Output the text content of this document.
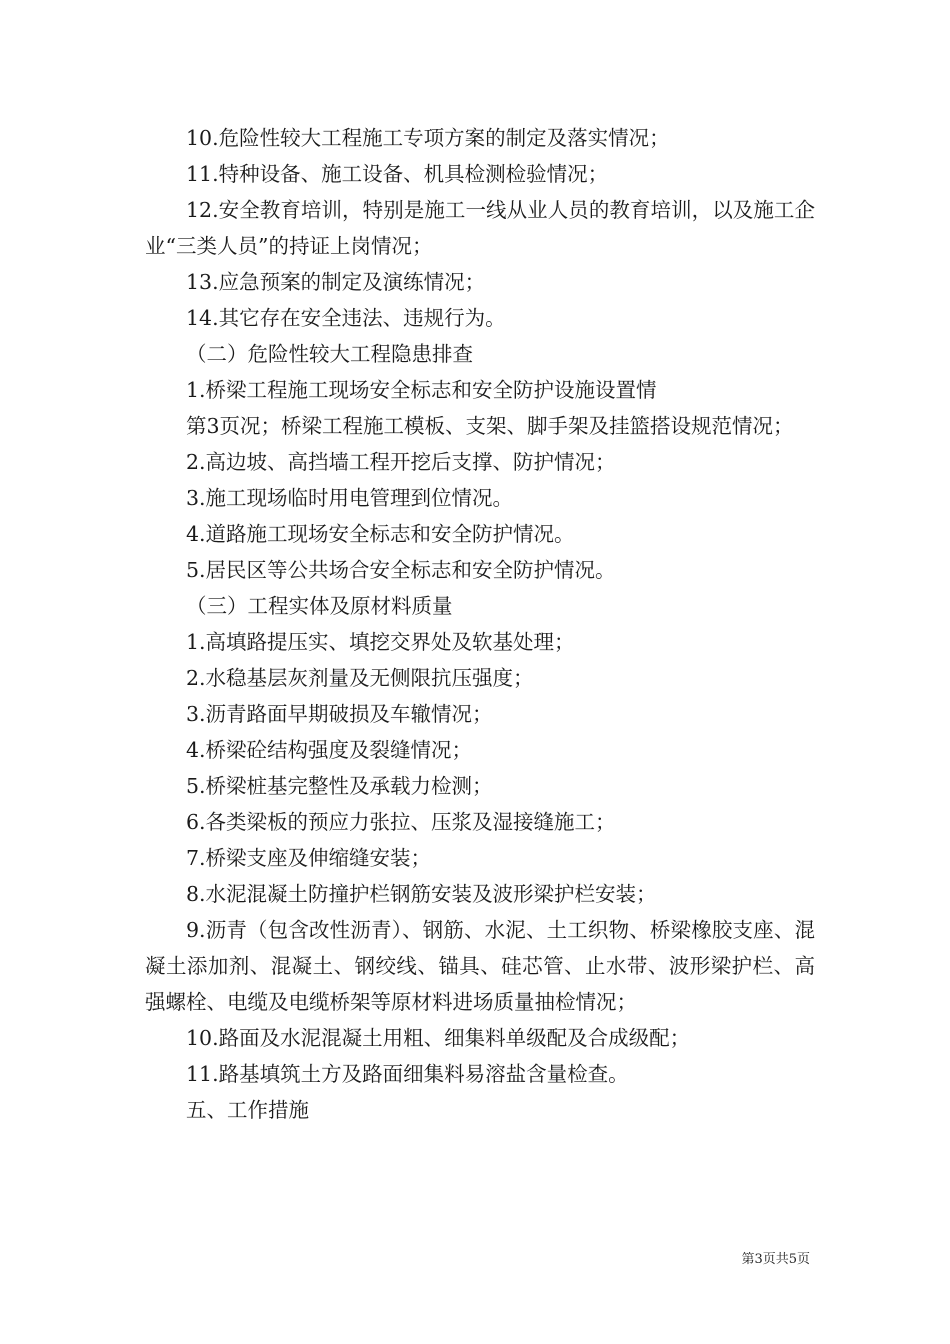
10.危险性较大工程施工专项方案的制定及落实情况；

11.特种设备、施工设备、机具检测检验情况；

12.安全教育培训，特别是施工一线从业人员的教育培训，以及施工企业“三类人员”的持证上岗情况；

13.应急预案的制定及演练情况；

14.其它存在安全违法、违规行为。

（二）危险性较大工程隐患排查

1.桥梁工程施工现场安全标志和安全防护设施设置情

第3页况；桥梁工程施工模板、支架、脚手架及挂篮搭设规范情况；

2.高边坡、高挡墙工程开挖后支撑、防护情况；

3.施工现场临时用电管理到位情况。

4.道路施工现场安全标志和安全防护情况。

5.居民区等公共场合安全标志和安全防护情况。

（三）工程实体及原材料质量

1.高填路提压实、填挖交界处及软基处理；

2.水稳基层灰剂量及无侧限抗压强度；

3.沥青路面早期破损及车辙情况；

4.桥梁砼结构强度及裂缝情况；

5.桥梁桩基完整性及承载力检测；

6.各类梁板的预应力张拉、压浆及湿接缝施工；

7.桥梁支座及伸缩缝安装；

8.水泥混凝土防撞护栏钢筋安装及波形梁护栏安装；

9.沥青（包含改性沥青）、钢筋、水泥、土工织物、桥梁橡胶支座、混凝土添加剂、混凝土、钢绞线、锚具、硅芯管、止水带、波形梁护栏、高强螺栓、电缆及电缆桥架等原材料进场质量抽检情况；

10.路面及水泥混凝土用粗、细集料单级配及合成级配；

11.路基填筑土方及路面细集料易溶盐含量检查。

五、工作措施

第3页共5页
